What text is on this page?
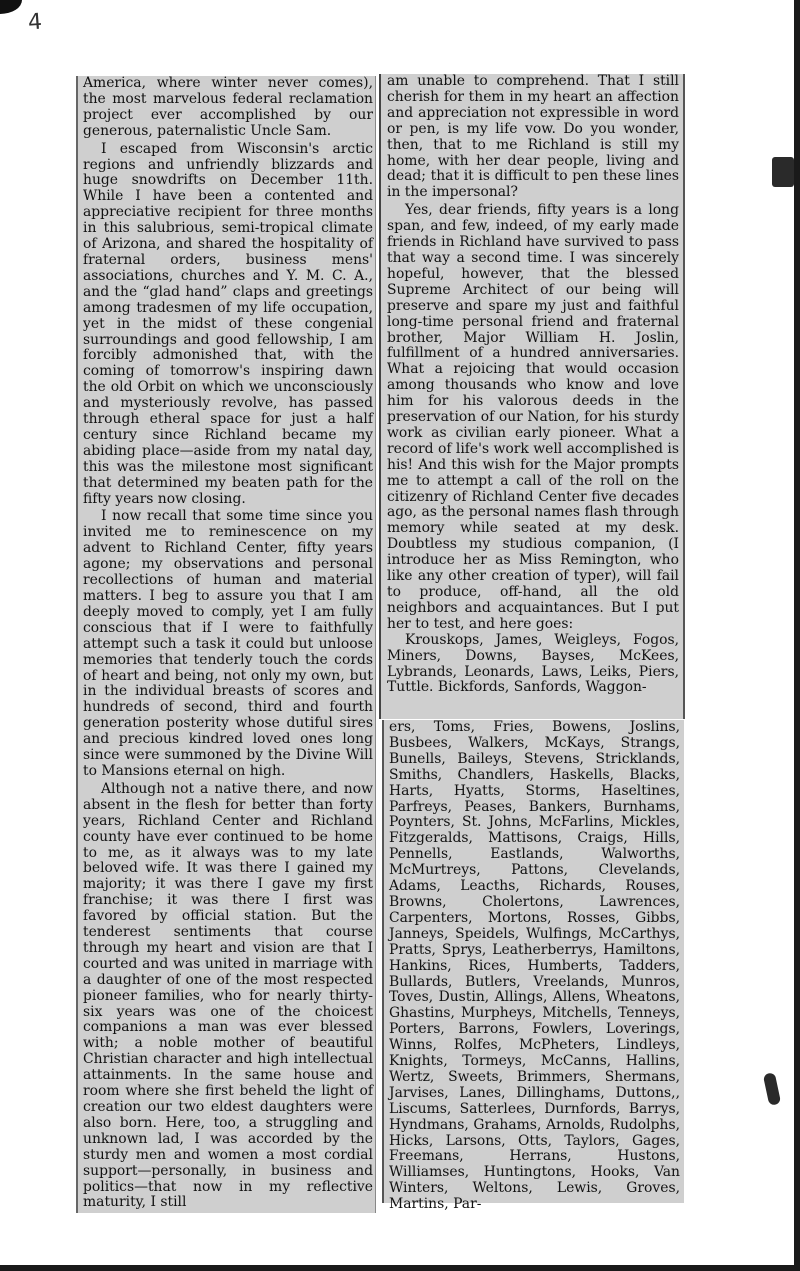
4

America, where winter never comes), the most marvelous federal reclamation project ever accomplished by our generous, paternalistic Uncle Sam.

I escaped from Wisconsin's arctic regions and unfriendly blizzards and huge snowdrifts on December 11th. While I have been a contented and appreciative recipient for three months in this salubrious, semi-tropical climate of Arizona, and shared the hospitality of fraternal orders, business mens' associations, churches and Y. M. C. A., and the “glad hand” claps and greetings among tradesmen of my life occupation, yet in the midst of these congenial surroundings and good fellowship, I am forcibly admonished that, with the coming of tomorrow's inspiring dawn the old Orbit on which we unconsciously and mysteriously revolve, has passed through etheral space for just a half century since Richland became my abiding place—aside from my natal day, this was the milestone most significant that determined my beaten path for the fifty years now closing.

I now recall that some time since you invited me to reminescence on my advent to Richland Center, fifty years agone; my observations and personal recollections of human and material matters. I beg to assure you that I am deeply moved to comply, yet I am fully conscious that if I were to faithfully attempt such a task it could but unloose memories that tenderly touch the cords of heart and being, not only my own, but in the individual breasts of scores and hundreds of second, third and fourth generation posterity whose dutiful sires and precious kindred loved ones long since were summoned by the Divine Will to Mansions eternal on high.

Although not a native there, and now absent in the flesh for better than forty years, Richland Center and Richland county have ever continued to be home to me, as it always was to my late beloved wife. It was there I gained my majority; it was there I gave my first franchise; it was there I first was favored by official station. But the tenderest sentiments that course through my heart and vision are that I courted and was united in marriage with a daughter of one of the most respected pioneer families, who for nearly thirty-six years was one of the choicest companions a man was ever blessed with; a noble mother of beautiful Christian character and high intellectual attainments. In the same house and room where she first beheld the light of creation our two eldest daughters were also born. Here, too, a struggling and unknown lad, I was accorded by the sturdy men and women a most cordial support—personally, in business and politics—that now in my reflective maturity, I still

am unable to comprehend. That I still cherish for them in my heart an affection and appreciation not expressible in word or pen, is my life vow. Do you wonder, then, that to me Richland is still my home, with her dear people, living and dead; that it is difficult to pen these lines in the impersonal?

Yes, dear friends, fifty years is a long span, and few, indeed, of my early made friends in Richland have survived to pass that way a second time. I was sincerely hopeful, however, that the blessed Supreme Architect of our being will preserve and spare my just and faithful long-time personal friend and fraternal brother, Major William H. Joslin, fulfillment of a hundred anniversaries. What a rejoicing that would occasion among thousands who know and love him for his valorous deeds in the preservation of our Nation, for his sturdy work as civilian early pioneer. What a record of life's work well accomplished is his! And this wish for the Major prompts me to attempt a call of the roll on the citizenry of Richland Center five decades ago, as the personal names flash through memory while seated at my desk. Doubtless my studious companion, (I introduce her as Miss Remington, who like any other creation of typer), will fail to produce, off-hand, all the old neighbors and acquaintances. But I put her to test, and here goes:

Krouskops, James, Weigleys, Fogos, Miners, Downs, Bayses, McKees, Lybrands, Leonards, Laws, Leiks, Piers, Tuttle. Bickfords, Sanfords, Waggon-

ers, Toms, Fries, Bowens, Joslins, Busbees, Walkers, McKays, Strangs, Bunells, Baileys, Stevens, Stricklands, Smiths, Chandlers, Haskells, Blacks, Harts, Hyatts, Storms, Haseltines, Parfreys, Peases, Bankers, Burnhams, Poynters, St. Johns, McFarlins, Mickles, Fitzgeralds, Mattisons, Craigs, Hills, Pennells, Eastlands, Walworths, McMurtreys, Pattons, Clevelands, Adams, Leacths, Richards, Rouses, Browns, Cholertons, Lawrences, Carpenters, Mortons, Rosses, Gibbs, Janneys, Speidels, Wulfings, McCarthys, Pratts, Sprys, Leatherberrys, Hamiltons, Hankins, Rices, Humberts, Tadders, Bullards, Butlers, Vreelands, Munros, Toves, Dustin, Allings, Allens, Wheatons, Ghastins, Murpheys, Mitchells, Tenneys, Porters, Barrons, Fowlers, Loverings, Winns, Rolfes, McPheters, Lindleys, Knights, Tormeys, McCanns, Hallins, Wertz, Sweets, Brimmers, Shermans, Jarvises, Lanes, Dillinghams, Duttons,, Liscums, Satterlees, Durnfords, Barrys, Hyndmans, Grahams, Arnolds, Rudolphs, Hicks, Larsons, Otts, Taylors, Gages, Freemans, Herrans, Hustons, Williamses, Huntingtons, Hooks, Van Winters, Weltons, Lewis, Groves, Martins, Par-
